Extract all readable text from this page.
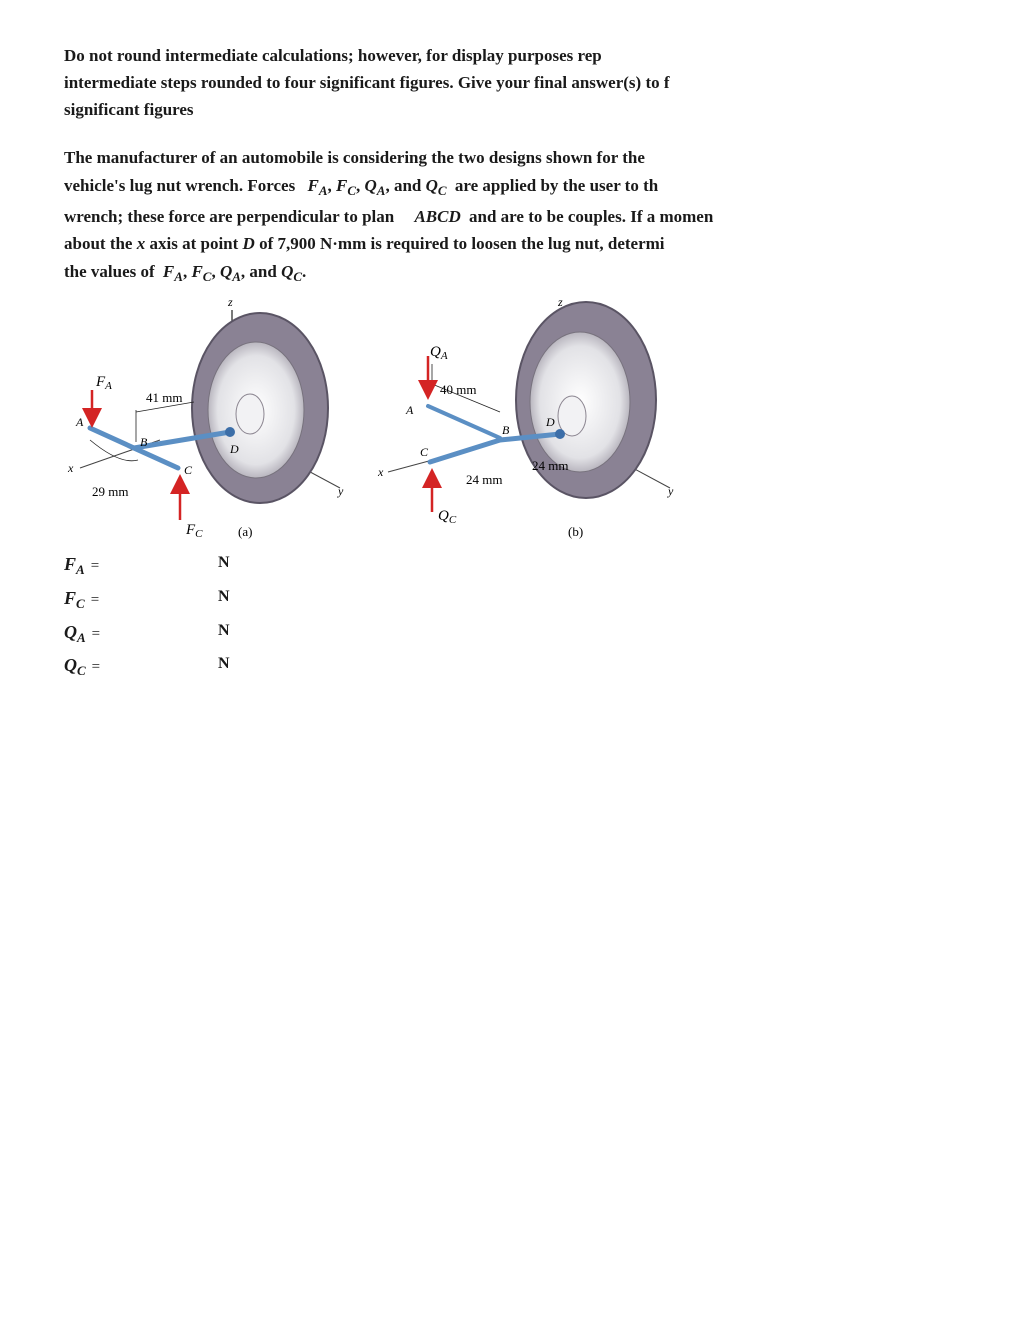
Do not round intermediate calculations; however, for display purposes rep
intermediate steps rounded to four significant figures. Give your final answer(s) to f
significant figures
The manufacturer of an automobile is considering the two designs shown for the
vehicle's lug nut wrench. Forces $F_A$, $F_C$, $Q_A$, and $Q_C$ are applied by the user to th
wrench; these force are perpendicular to plan ABCD and are to be couples. If a momen
about the x axis at point D of 7,900 N·mm is required to loosen the lug nut, determi
the values of $F_A$, $F_C$, $Q_A$, and $Q_C$.
z
y
x
$F_A$
$F_C$
A
B
C
D
41 mm
29 mm
(a)
z
y
x
$Q_A$
$Q_C$
A
B
C
D
40 mm
24 mm
24 mm
(b)
$F_A$ =	N
$F_C$ =	N
$Q_A$ =	N
$Q_C$ =	N
